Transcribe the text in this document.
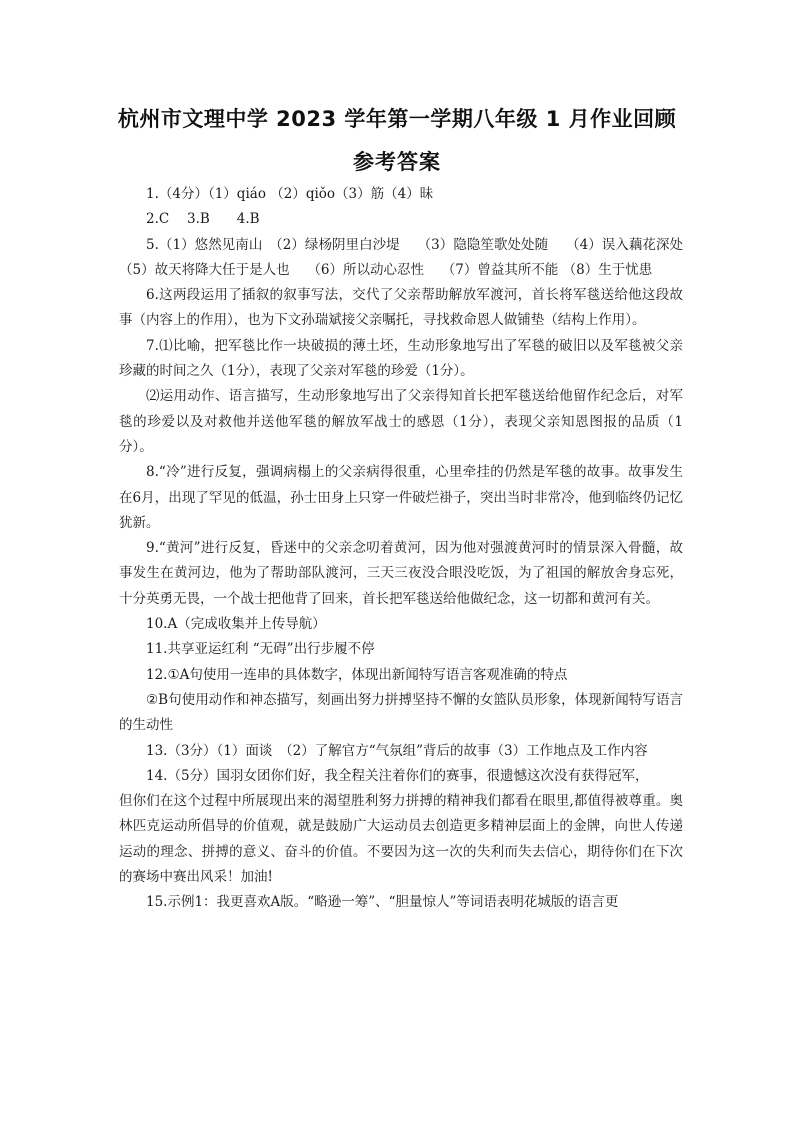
杭州市文理中学 2023 学年第一学期八年级 1 月作业回顾
参考答案

1.（4分）（1）qiáo （2）qiǒo（3）筋（4）昧

2.C　 3.B　　4.B

5.（1）悠然见南山　（2）绿杨阴里白沙堤　 （3）隐隐笙歌处处随　 （4）误入藕花深处　 （5）故天将降大任于是人也　 （6）所以动心忍性　 （7）曾益其所不能 （8）生于忧患

6.这两段运用了插叙的叙事写法，交代了父亲帮助解放军渡河，首长将军毯送给他这段故事（内容上的作用），也为下文孙瑞斌接父亲嘱托，寻找救命恩人做铺垫（结构上作用）。

7.⑴比喻，把军毯比作一块破损的薄土坯，生动形象地写出了军毯的破旧以及军毯被父亲珍藏的时间之久（1分），表现了父亲对军毯的珍爱（1分）。

⑵运用动作、语言描写，生动形象地写出了父亲得知首长把军毯送给他留作纪念后，对军毯的珍爱以及对救他并送他军毯的解放军战士的感恩（1分），表现父亲知恩图报的品质（1分）。

8.“冷”进行反复，强调病榻上的父亲病得很重，心里牵挂的仍然是军毯的故事。故事发生在6月，出现了罕见的低温，孙士田身上只穿一件破烂褂子，突出当时非常冷，他到临终仍记忆犹新。

9.“黄河”进行反复，昏迷中的父亲念叨着黄河，因为他对强渡黄河时的情景深入骨髓，故事发生在黄河边，他为了帮助部队渡河，三天三夜没合眼没吃饭，为了祖国的解放舍身忘死，十分英勇无畏，一个战士把他背了回来，首长把军毯送给他做纪念，这一切都和黄河有关。

10.A（完成收集并上传导航）

11.共享亚运红利 “无碍”出行步履不停

12.①A句使用一连串的具体数字，体现出新闻特写语言客观准确的特点

②B句使用动作和神态描写，刻画出努力拼搏坚持不懈的女篮队员形象，体现新闻特写语言的生动性

13.（3分）（1）面谈　（2）了解官方“气氛组”背后的故事（3）工作地点及工作内容

14.（5分）国羽女团你们好，我全程关注着你们的赛事，很遗憾这次没有获得冠军，

但你们在这个过程中所展现出来的渴望胜利努力拼搏的精神我们都看在眼里,都值得被尊重。奥林匹克运动所倡导的价值观，就是鼓励广大运动员去创造更多精神层面上的金牌，向世人传递运动的理念、拼搏的意义、奋斗的价值。不要因为这一次的失利而失去信心，期待你们在下次的赛场中赛出风采！加油!

15.示例1：我更喜欢A版。“略逊一筹”、“胆量惊人”等词语表明花城版的语言更
